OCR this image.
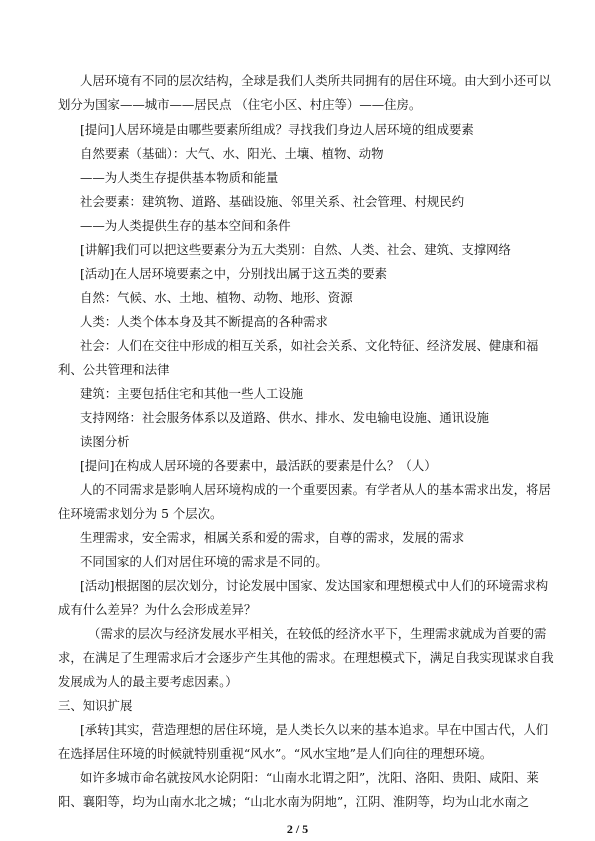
人居环境有不同的层次结构，全球是我们人类所共同拥有的居住环境。由大到小还可以
划分为国家——城市——居民点 （住宅小区、村庄等）——住房。
[提问]人居环境是由哪些要素所组成？寻找我们身边人居环境的组成要素
自然要素（基础）：大气、水、阳光、土壤、植物、动物
——为人类生存提供基本物质和能量
社会要素：建筑物、道路、基础设施、邻里关系、社会管理、村规民约
——为人类提供生存的基本空间和条件
[讲解]我们可以把这些要素分为五大类别：自然、人类、社会、建筑、支撑网络
[活动]在人居环境要素之中，分别找出属于这五类的要素
自然：气候、水、土地、植物、动物、地形、资源
人类：人类个体本身及其不断提高的各种需求
社会：人们在交往中形成的相互关系，如社会关系、文化特征、经济发展、健康和福
利、公共管理和法律
建筑：主要包括住宅和其他一些人工设施
支持网络：社会服务体系以及道路、供水、排水、发电输电设施、通讯设施
读图分析
[提问]在构成人居环境的各要素中，最活跃的要素是什么？（人）
人的不同需求是影响人居环境构成的一个重要因素。有学者从人的基本需求出发，将居
住环境需求划分为 5 个层次。
生理需求，安全需求，相属关系和爱的需求，自尊的需求，发展的需求
不同国家的人们对居住环境的需求是不同的。
[活动]根据图的层次划分，讨论发展中国家、发达国家和理想模式中人们的环境需求构
成有什么差异？为什么会形成差异？
（需求的层次与经济发展水平相关，在较低的经济水平下，生理需求就成为首要的需
求，在满足了生理需求后才会逐步产生其他的需求。在理想模式下，满足自我实现谋求自我
发展成为人的最主要考虑因素。）
三、知识扩展
[承转]其实，营造理想的居住环境，是人类长久以来的基本追求。早在中国古代，人们
在选择居住环境的时候就特别重视“风水”。“风水宝地”是人们向往的理想环境。
如许多城市命名就按风水论阴阳：“山南水北谓之阳”，沈阳、洛阳、贵阳、咸阳、莱
阳、襄阳等，均为山南水北之城；“山北水南为阴地”，江阴、淮阴等，均为山北水南之
2 / 5
